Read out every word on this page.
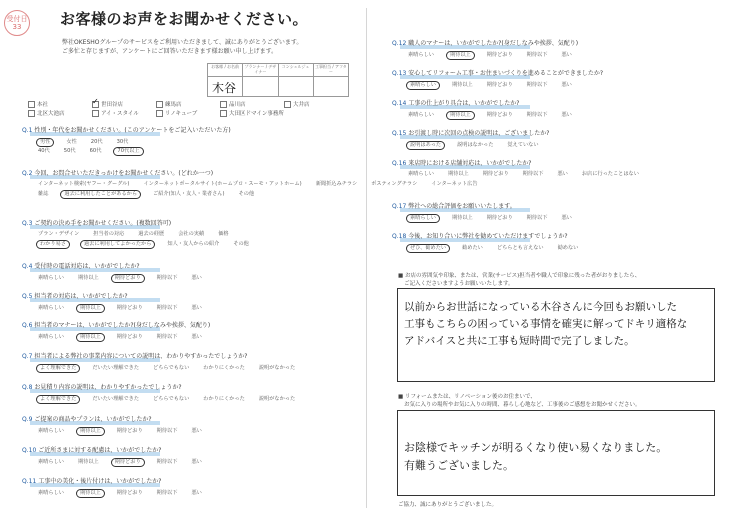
受付日 33	お客様のお声をお聞かせください。
弊社OKESHOグループのサービスをご利用いただきまして、誠にありがとうございます。
ご多忙と存じますが、アンケートにご回答いただきます様お願い申し上げます。
お客様 / お名前	プランナー / デザイナー
コンシェルジュ	工事担当 / アフター
木谷
本社
✓	世田谷店	練馬店	品川店	大井店
北区大池店	アイ・スタイル	リノキューブ	大田区ドマイン事務所
Q.1 性別・年代をお聞かせください。(このアンケートをご記入いただいた方)
男性	女性	20代	30代
40代	50代	60代	70代以上
Q.2 今回、お問合せいただきっかけをお聞かせください。(どれか一つ)
インターネット検索(ヤフー・グーグル)	インターネットポータルサイト(ホームプロ・スーモ・アットホーム)	新聞折込みチラシ	ポスティングチラシ	インターネット広告
雑誌	過去に利用したことがあるから	ご紹介(知人・友人・業者さん)	その他
Q.3 ご契約の決め手をお聞かせください。(複数回答可)
プラン・デザイン	担当者の対応	過去の経歴	会社の実績	価格
わかり易さ	過去に利用してよかったから	知人・友人からの紹介	その他
Q.4 受付時の電話対応は、いかがでしたか?
素晴らしい	期待以上	期待どおり	期待以下	悪い
Q.5 担当者の対応は、いかがでしたか?
素晴らしい	期待以上	期待どおり	期待以下	悪い
Q.6 担当者のマナーは、いかがでしたか?(身だしなみや挨拶、気配り)
素晴らしい	期待以上	期待どおり	期待以下	悪い
Q.7 担当者による弊社の事業内容についての説明は、わかりやすかったでしょうか?
よく理解できた	だいたい理解できた	どちらでもない	わかりにくかった	説明がなかった
Q.8 お見積り内容の説明は、わかりやすかったでしょうか?
よく理解できた	だいたい理解できた	どちらでもない	わかりにくかった	説明がなかった
Q.9 ご提案の商品やプランは、いかがでしたか?
素晴らしい	期待以上	期待どおり	期待以下	悪い
Q.10 ご近所さまに対する配慮は、いかがでしたか?
素晴らしい	期待以上	期待どおり	期待以下	悪い
Q.11 工事中の美化・後片付けは、いかがでしたか?
素晴らしい	期待以上	期待どおり	期待以下	悪い
Q.12 職人のマナーは、いかがでしたか?(身だしなみや挨拶、気配り)
素晴らしい	期待以上	期待どおり	期待以下	悪い
Q.13 安心してリフォーム工事・お住まいづくりを進めることができましたか?
素晴らしい	期待以上	期待どおり	期待以下	悪い
Q.14 工事の仕上がり具合は、いかがでしたか?
素晴らしい	期待以上	期待どおり	期待以下	悪い
Q.15 お引渡し時に次回の点検の説明は、ございましたか?
説明はあった	説明はなかった	覚えていない
Q.16 来店時における店舗対応は、いかがでしたか?
素晴らしい	期待以上	期待どおり	期待以下	悪い	お店に行ったことはない
Q.17 弊社への総合評価をお願いいたします。
素晴らしい	期待以上	期待どおり	期待以下	悪い
Q.18 今後、お知り合いに弊社を勧めていただけますでしょうか?
ぜひ、勧めたい	勧めたい	どちらとも言えない	勧めない
■ お店の雰囲気や印象、または、営業(サービス)担当者や職人で印象に残った者がおりましたら、
ご記入くださいますようお願いいたします。
以前からお世話になっている木谷さんに今回もお願いした
工事もこちらの困っている事情を確実に解ってドキリ適格な
アドバイスと共に工事も短時間で完了しました。
■ リフォームまたは、リノベーション後のお住まいで、
お気に入りの場所やお気に入りの時間、暮らし心地など、工事後のご感想をお聞かせください。
お陰様でキッチンが明るくなり使い易くなりました。
有難うございました。
ご協力、誠にありがとうございました。
